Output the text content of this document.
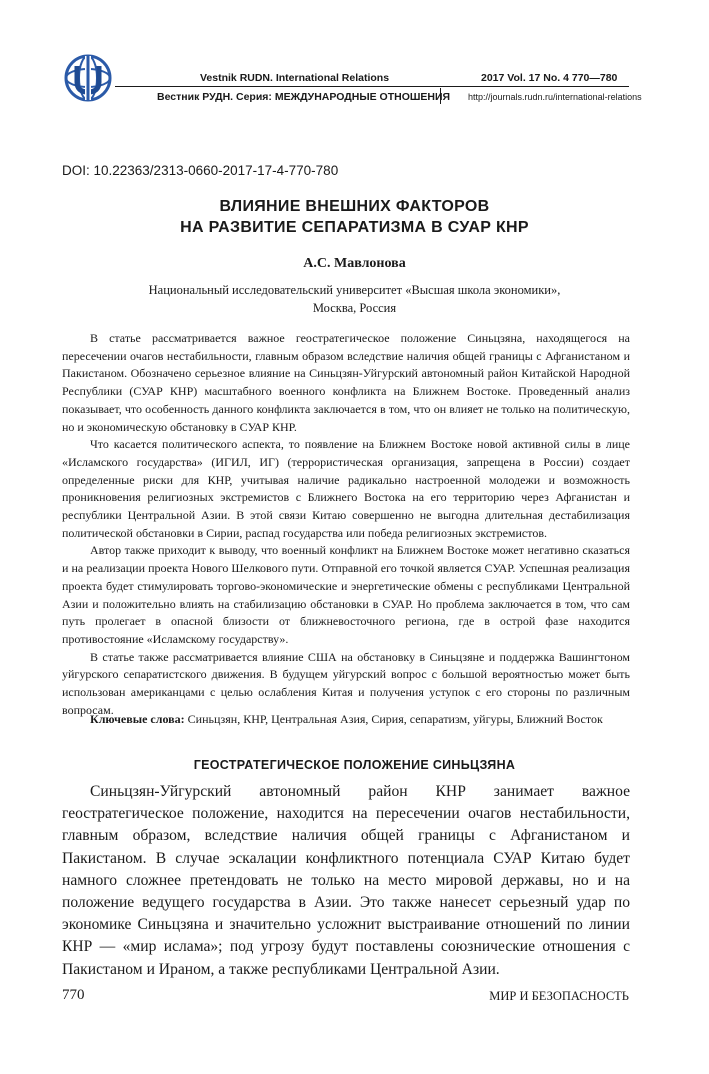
Vestnik RUDN. International Relations
Вестник РУДН. Серия: МЕЖДУНАРОДНЫЕ ОТНОШЕНИЯ
2017 Vol. 17 No. 4 770—780
http://journals.rudn.ru/international-relations
DOI: 10.22363/2313-0660-2017-17-4-770-780
ВЛИЯНИЕ ВНЕШНИХ ФАКТОРОВ
НА РАЗВИТИЕ СЕПАРАТИЗМА В СУАР КНР
А.С. Мавлонова
Национальный исследовательский университет «Высшая школа экономики»,
Москва, Россия

В статье рассматривается важное геостратегическое положение Синьцзяна, находящегося на пересечении очагов нестабильности, главным образом вследствие наличия общей границы с Афганистаном и Пакистаном. Обозначено серьезное влияние на Синьцзян-Уйгурский автономный район Китайской Народной Республики (СУАР КНР) масштабного военного конфликта на Ближнем Востоке. Проведенный анализ показывает, что особенность данного конфликта заключается в том, что он влияет не только на политическую, но и экономическую обстановку в СУАР КНР.

Что касается политического аспекта, то появление на Ближнем Востоке новой активной силы в лице «Исламского государства» (ИГИЛ, ИГ) (террористическая организация, запрещена в России) создает определенные риски для КНР, учитывая наличие радикально настроенной молодежи и возможность проникновения религиозных экстремистов с Ближнего Востока на его территорию через Афганистан и республики Центральной Азии. В этой связи Китаю совершенно не выгодна длительная дестабилизация политической обстановки в Сирии, распад государства или победа религиозных экстремистов.

Автор также приходит к выводу, что военный конфликт на Ближнем Востоке может негативно сказаться и на реализации проекта Нового Шелкового пути. Отправной его точкой является СУАР. Успешная реализация проекта будет стимулировать торгово-экономические и энергетические обмены с республиками Центральной Азии и положительно влиять на стабилизацию обстановки в СУАР. Но проблема заключается в том, что сам путь пролегает в опасной близости от ближневосточного региона, где в острой фазе находится противостояние «Исламскому государству».

В статье также рассматривается влияние США на обстановку в Синьцзяне и поддержка Вашингтоном уйгурского сепаратистского движения. В будущем уйгурский вопрос с большой вероятностью может быть использован американцами с целью ослабления Китая и получения уступок с его стороны по различным вопросам.

Ключевые слова: Синьцзян, КНР, Центральная Азия, Сирия, сепаратизм, уйгуры, Ближний Восток
ГЕОСТРАТЕГИЧЕСКОЕ ПОЛОЖЕНИЕ СИНЬЦЗЯНА

Синьцзян-Уйгурский автономный район КНР занимает важное геостратегическое положение, находится на пересечении очагов нестабильности, главным образом, вследствие наличия общей границы с Афганистаном и Пакистаном. В случае эскалации конфликтного потенциала СУАР Китаю будет намного сложнее претендовать не только на место мировой державы, но и на положение ведущего государства в Азии. Это также нанесет серьезный удар по экономике Синьцзяна и значительно усложнит выстраивание отношений по линии КНР — «мир ислама»; под угрозу будут поставлены союзнические отношения с Пакистаном и Ираном, а также республиками Центральной Азии.

770	МИР И БЕЗОПАСНОСТЬ
